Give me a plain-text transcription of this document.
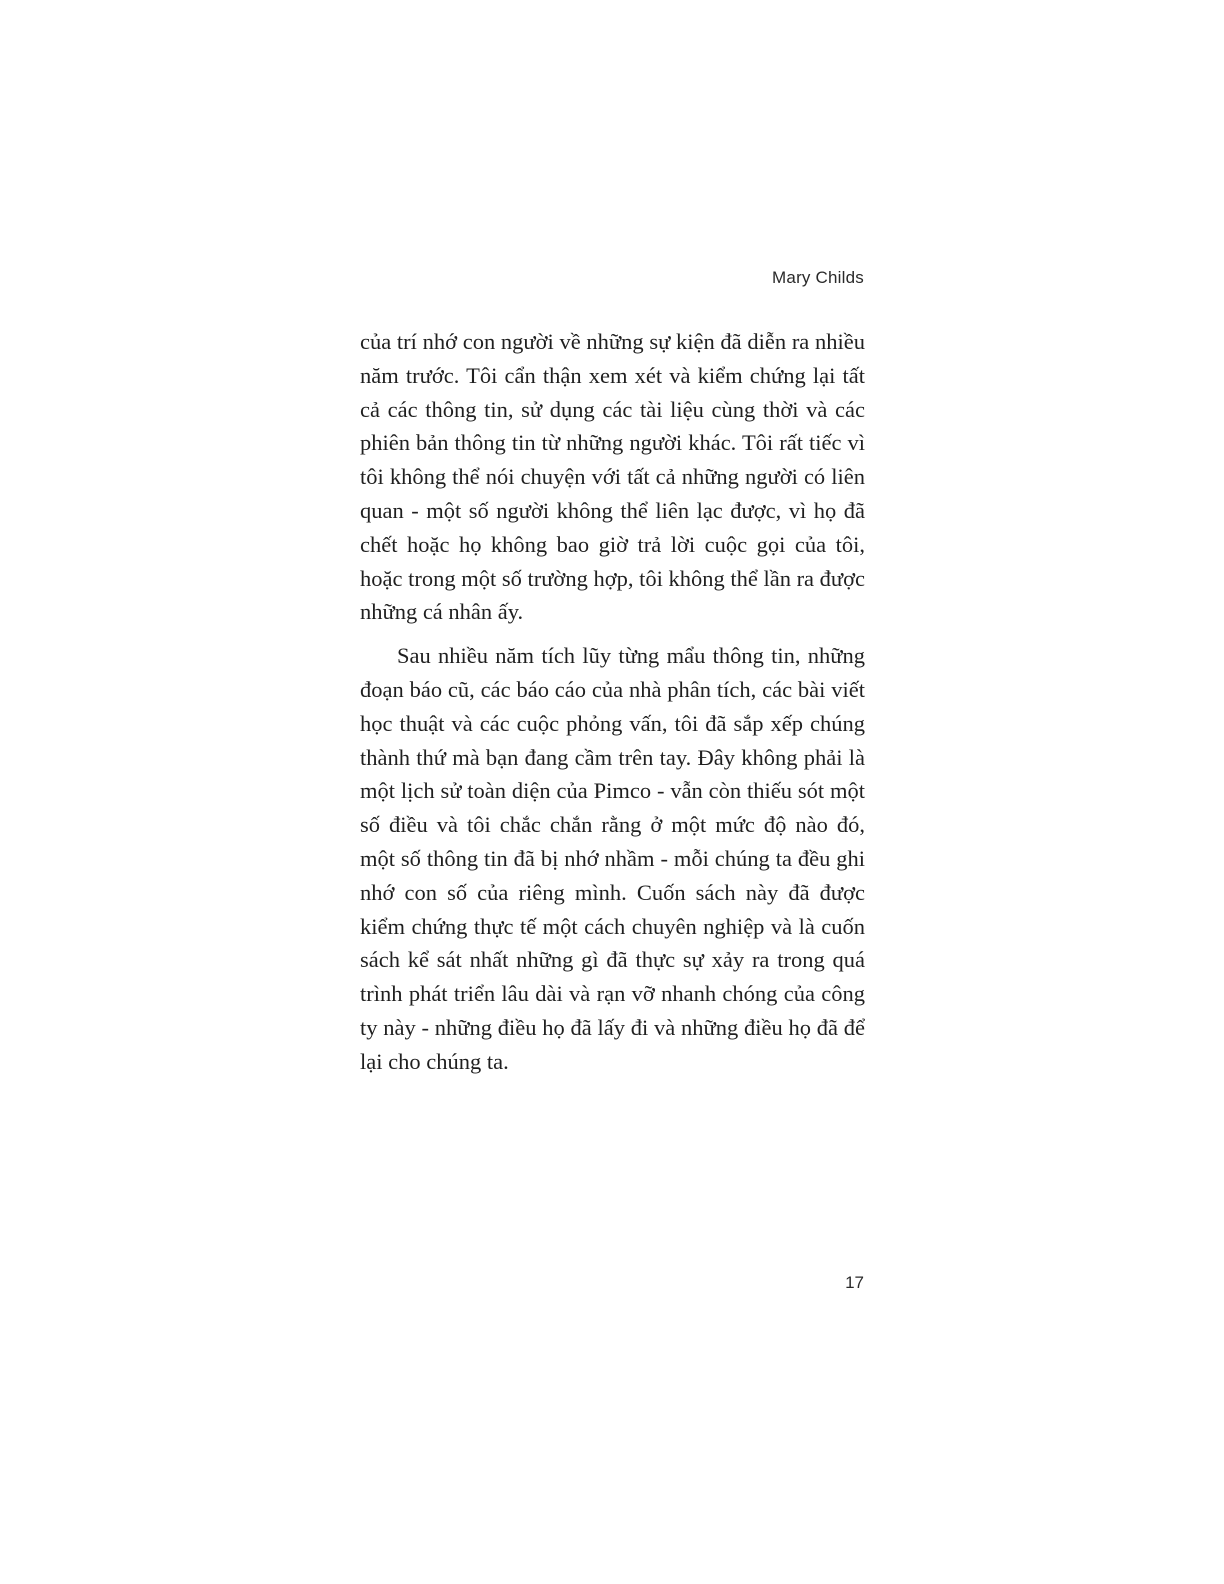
Mary Childs

của trí nhớ con người về những sự kiện đã diễn ra nhiều năm trước. Tôi cẩn thận xem xét và kiểm chứng lại tất cả các thông tin, sử dụng các tài liệu cùng thời và các phiên bản thông tin từ những người khác. Tôi rất tiếc vì tôi không thể nói chuyện với tất cả những người có liên quan - một số người không thể liên lạc được, vì họ đã chết hoặc họ không bao giờ trả lời cuộc gọi của tôi, hoặc trong một số trường hợp, tôi không thể lần ra được những cá nhân ấy.

Sau nhiều năm tích lũy từng mẩu thông tin, những đoạn báo cũ, các báo cáo của nhà phân tích, các bài viết học thuật và các cuộc phỏng vấn, tôi đã sắp xếp chúng thành thứ mà bạn đang cầm trên tay. Đây không phải là một lịch sử toàn diện của Pimco - vẫn còn thiếu sót một số điều và tôi chắc chắn rằng ở một mức độ nào đó, một số thông tin đã bị nhớ nhầm - mỗi chúng ta đều ghi nhớ con số của riêng mình. Cuốn sách này đã được kiểm chứng thực tế một cách chuyên nghiệp và là cuốn sách kể sát nhất những gì đã thực sự xảy ra trong quá trình phát triển lâu dài và rạn vỡ nhanh chóng của công ty này - những điều họ đã lấy đi và những điều họ đã để lại cho chúng ta.

17
